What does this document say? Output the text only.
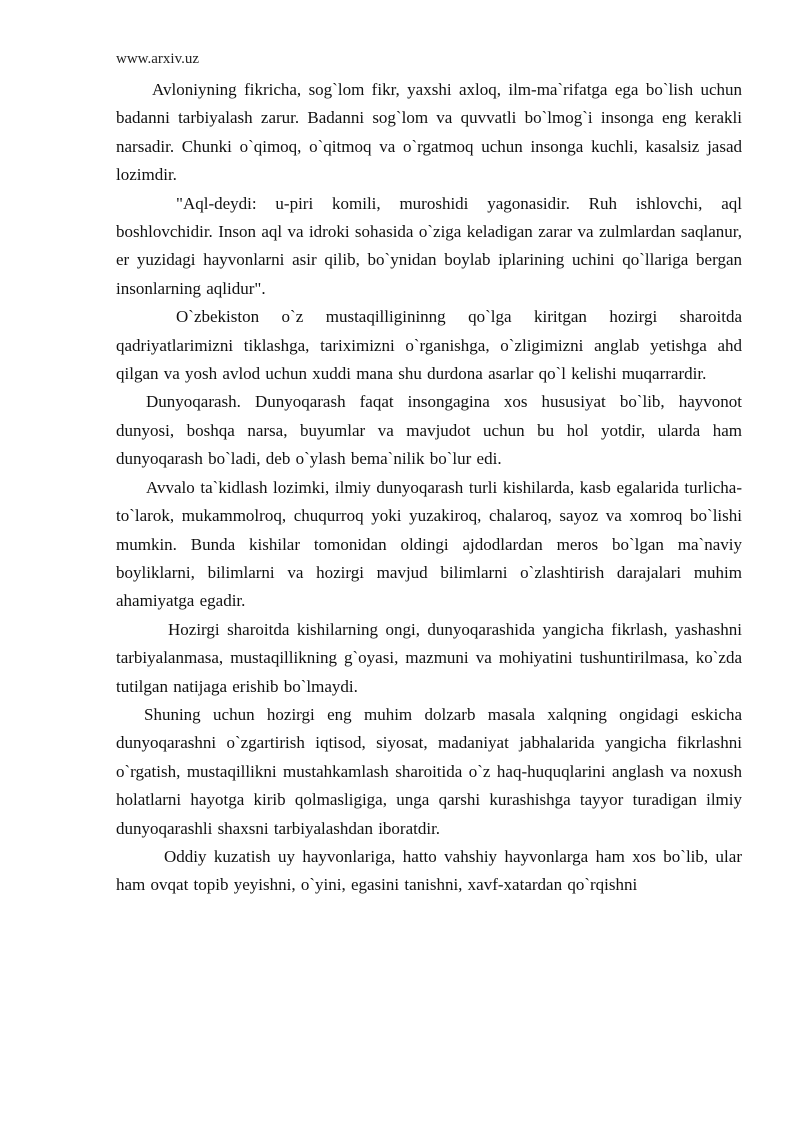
www.arxiv.uz

Avloniyning fikricha, sog`lom fikr, yaxshi axloq, ilm-ma`rifatga ega bo`lish uchun badanni tarbiyalash zarur. Badanni sog`lom va quvvatli bo`lmog`i insonga eng kerakli narsadir. Chunki o`qimoq, o`qitmoq va o`rgatmoq uchun insonga kuchli, kasalsiz jasad lozimdir.

"Aql-deydi: u-piri komili, muroshidi yagonasidir. Ruh ishlovchi, aql boshlovchidir. Inson aql va idroki sohasida o`ziga keladigan zarar va zulmlardan saqlanur, er yuzidagi hayvonlarni asir qilib, bo`ynidan boylab iplarining uchini qo`llariga bergan insonlarning aqlidur".

O`zbekiston o`z mustaqilligininng qo`lga kiritgan hozirgi sharoitda qadriyatlarimizni tiklashga, tariximizni o`rganishga, o`zligimizni anglab yetishga ahd qilgan va yosh avlod uchun xuddi mana shu durdona asarlar qo`l kelishi muqarrardir.

Dunyoqarash. Dunyoqarash faqat insongagina xos hususiyat bo`lib, hayvonot dunyosi, boshqa narsa, buyumlar va mavjudot uchun bu hol yotdir, ularda ham dunyoqarash bo`ladi, deb o`ylash bema`nilik bo`lur edi.

Avvalo ta`kidlash lozimki, ilmiy dunyoqarash turli kishilarda, kasb egalarida turlicha-to`larok, mukammolroq, chuqurroq yoki yuzakiroq, chalaroq, sayoz va xomroq bo`lishi mumkin. Bunda kishilar tomonidan oldingi ajdodlardan meros bo`lgan ma`naviy boyliklarni, bilimlarni va hozirgi mavjud bilimlarni o`zlashtirish darajalari muhim ahamiyatga egadir.

Hozirgi sharoitda kishilarning ongi, dunyoqarashida yangicha fikrlash, yashashni tarbiyalanmasa, mustaqillikning g`oyasi, mazmuni va mohiyatini tushuntirilmasa, ko`zda tutilgan natijaga erishib bo`lmaydi.

Shuning uchun hozirgi eng muhim dolzarb masala xalqning ongidagi eskicha dunyoqarashni o`zgartirish iqtisod, siyosat, madaniyat jabhalarida yangicha fikrlashni o`rgatish, mustaqillikni mustahkamlash sharoitida o`z haq-huquqlarini anglash va noxush holatlarni hayotga kirib qolmasligiga, unga qarshi kurashishga tayyor turadigan ilmiy dunyoqarashli shaxsni tarbiyalashdan iboratdir.

Oddiy kuzatish uy hayvonlariga, hatto vahshiy hayvonlarga ham xos bo`lib, ular ham ovqat topib yeyishni, o`yini, egasini tanishni, xavf-xatardan qo`rqishni
